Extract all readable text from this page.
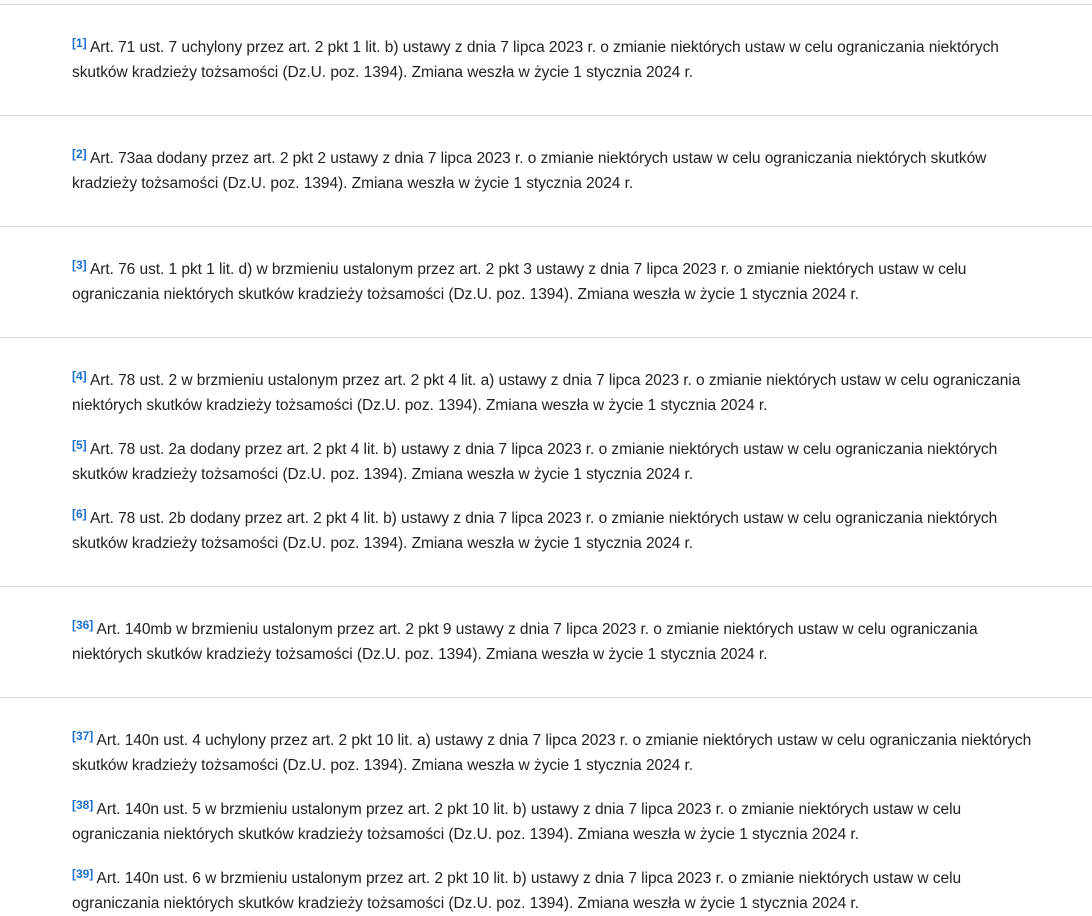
[1] Art. 71 ust. 7 uchylony przez art. 2 pkt 1 lit. b) ustawy z dnia 7 lipca 2023 r. o zmianie niektórych ustaw w celu ograniczania niektórych skutków kradzieży tożsamości (Dz.U. poz. 1394). Zmiana weszła w życie 1 stycznia 2024 r.

[2] Art. 73aa dodany przez art. 2 pkt 2 ustawy z dnia 7 lipca 2023 r. o zmianie niektórych ustaw w celu ograniczania niektórych skutków kradzieży tożsamości (Dz.U. poz. 1394). Zmiana weszła w życie 1 stycznia 2024 r.

[3] Art. 76 ust. 1 pkt 1 lit. d) w brzmieniu ustalonym przez art. 2 pkt 3 ustawy z dnia 7 lipca 2023 r. o zmianie niektórych ustaw w celu ograniczania niektórych skutków kradzieży tożsamości (Dz.U. poz. 1394). Zmiana weszła w życie 1 stycznia 2024 r.

[4] Art. 78 ust. 2 w brzmieniu ustalonym przez art. 2 pkt 4 lit. a) ustawy z dnia 7 lipca 2023 r. o zmianie niektórych ustaw w celu ograniczania niektórych skutków kradzieży tożsamości (Dz.U. poz. 1394). Zmiana weszła w życie 1 stycznia 2024 r.

[5] Art. 78 ust. 2a dodany przez art. 2 pkt 4 lit. b) ustawy z dnia 7 lipca 2023 r. o zmianie niektórych ustaw w celu ograniczania niektórych skutków kradzieży tożsamości (Dz.U. poz. 1394). Zmiana weszła w życie 1 stycznia 2024 r.

[6] Art. 78 ust. 2b dodany przez art. 2 pkt 4 lit. b) ustawy z dnia 7 lipca 2023 r. o zmianie niektórych ustaw w celu ograniczania niektórych skutków kradzieży tożsamości (Dz.U. poz. 1394). Zmiana weszła w życie 1 stycznia 2024 r.

[36] Art. 140mb w brzmieniu ustalonym przez art. 2 pkt 9 ustawy z dnia 7 lipca 2023 r. o zmianie niektórych ustaw w celu ograniczania niektórych skutków kradzieży tożsamości (Dz.U. poz. 1394). Zmiana weszła w życie 1 stycznia 2024 r.

[37] Art. 140n ust. 4 uchylony przez art. 2 pkt 10 lit. a) ustawy z dnia 7 lipca 2023 r. o zmianie niektórych ustaw w celu ograniczania niektórych skutków kradzieży tożsamości (Dz.U. poz. 1394). Zmiana weszła w życie 1 stycznia 2024 r.

[38] Art. 140n ust. 5 w brzmieniu ustalonym przez art. 2 pkt 10 lit. b) ustawy z dnia 7 lipca 2023 r. o zmianie niektórych ustaw w celu ograniczania niektórych skutków kradzieży tożsamości (Dz.U. poz. 1394). Zmiana weszła w życie 1 stycznia 2024 r.

[39] Art. 140n ust. 6 w brzmieniu ustalonym przez art. 2 pkt 10 lit. b) ustawy z dnia 7 lipca 2023 r. o zmianie niektórych ustaw w celu ograniczania niektórych skutków kradzieży tożsamości (Dz.U. poz. 1394). Zmiana weszła w życie 1 stycznia 2024 r.
